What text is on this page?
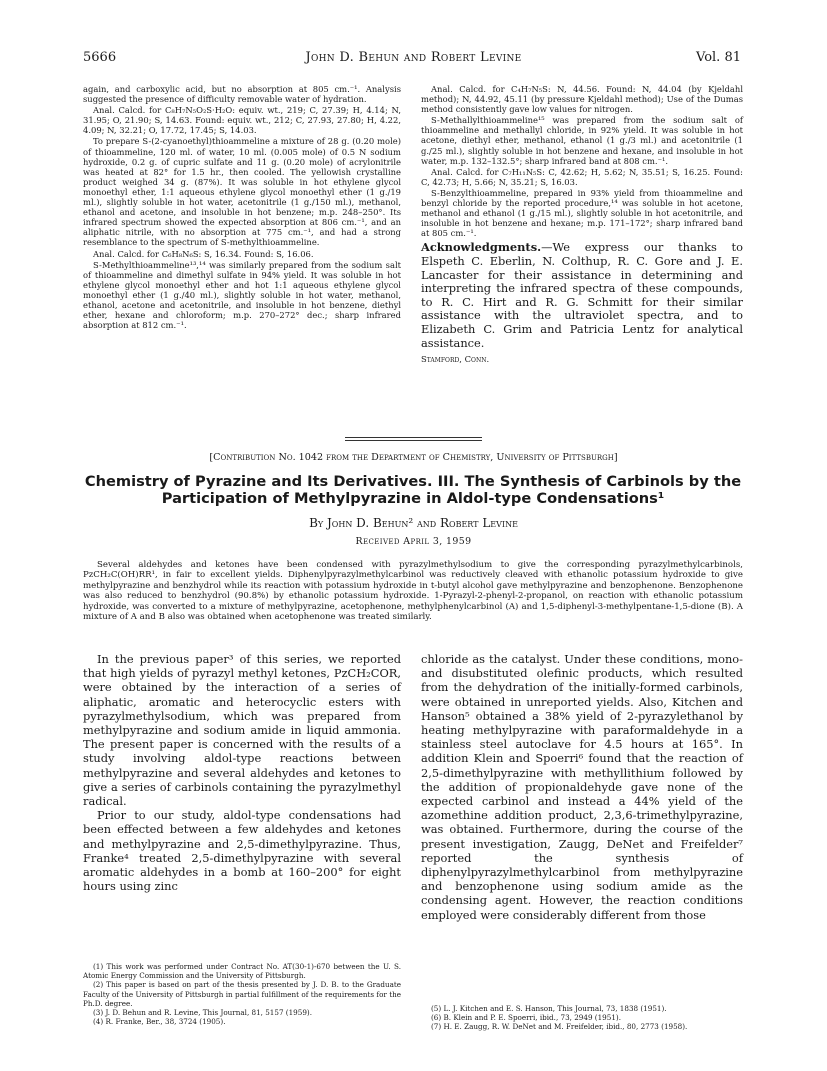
5666	John D. Behun and Robert Levine	Vol. 81

again, and carboxylic acid, but no absorption at 805 cm.⁻¹. Analysis suggested the presence of difficulty removable water of hydration.

Anal. Calcd. for C₈H₇N₅O₂S·H₂O: equiv. wt., 219; C, 27.39; H, 4.14; N, 31.95; O, 21.90; S, 14.63. Found: equiv. wt., 212; C, 27.93, 27.80; H, 4.22, 4.09; N, 32.21; O, 17.72, 17.45; S, 14.03.

To prepare S-(2-cyanoethyl)thioammeline a mixture of 28 g. (0.20 mole) of thioammeline, 120 ml. of water, 10 ml. (0.005 mole) of 0.5 N sodium hydroxide, 0.2 g. of cupric sulfate and 11 g. (0.20 mole) of acrylonitrile was heated at 82° for 1.5 hr., then cooled. The yellowish crystalline product weighed 34 g. (87%). It was soluble in hot ethylene glycol monoethyl ether, 1:1 aqueous ethylene glycol monoethyl ether (1 g./19 ml.), slightly soluble in hot water, acetonitrile (1 g./150 ml.), methanol, ethanol and acetone, and insoluble in hot benzene; m.p. 248–250°. Its infrared spectrum showed the expected absorption at 806 cm.⁻¹, and an aliphatic nitrile, with no absorption at 775 cm.⁻¹, and had a strong resemblance to the spectrum of S-methylthioammeline.

Anal. Calcd. for C₆H₈N₆S: S, 16.34. Found: S, 16.06.

S-Methylthioammeline¹³,¹⁴ was similarly prepared from the sodium salt of thioammeline and dimethyl sulfate in 94% yield. It was soluble in hot ethylene glycol monoethyl ether and hot 1:1 aqueous ethylene glycol monoethyl ether (1 g./40 ml.), slightly soluble in hot water, methanol, ethanol, acetone and acetonitrile, and insoluble in hot benzene, diethyl ether, hexane and chloroform; m.p. 270–272° dec.; sharp infrared absorption at 812 cm.⁻¹.

Anal. Calcd. for C₄H₇N₅S: N, 44.56. Found: N, 44.04 (by Kjeldahl method); N, 44.92, 45.11 (by pressure Kjeldahl method); Use of the Dumas method consistently gave low values for nitrogen.

S-Methallylthioammeline¹⁵ was prepared from the sodium salt of thioammeline and methallyl chloride, in 92% yield. It was soluble in hot acetone, diethyl ether, methanol, ethanol (1 g./3 ml.) and acetonitrile (1 g./25 ml.), slightly soluble in hot benzene and hexane, and insoluble in hot water, m.p. 132–132.5°; sharp infrared band at 808 cm.⁻¹.

Anal. Calcd. for C₇H₁₁N₅S: C, 42.62; H, 5.62; N, 35.51; S, 16.25. Found: C, 42.73; H, 5.66; N, 35.21; S, 16.03.

S-Benzylthioammeline, prepared in 93% yield from thioammeline and benzyl chloride by the reported procedure,¹⁴ was soluble in hot acetone, methanol and ethanol (1 g./15 ml.), slightly soluble in hot acetonitrile, and insoluble in hot benzene and hexane; m.p. 171–172°; sharp infrared band at 805 cm.⁻¹.

Acknowledgments.—We express our thanks to Elspeth C. Eberlin, N. Colthup, R. C. Gore and J. E. Lancaster for their assistance in determining and interpreting the infrared spectra of these compounds, to R. C. Hirt and R. G. Schmitt for their similar assistance with the ultraviolet spectra, and to Elizabeth C. Grim and Patricia Lentz for analytical assistance.
Stamford, Conn.
[Contribution No. 1042 from the Department of Chemistry, University of Pittsburgh]
Chemistry of Pyrazine and Its Derivatives. III. The Synthesis of Carbinols by the
Participation of Methylpyrazine in Aldol-type Condensations¹
By John D. Behun² and Robert Levine
Received April 3, 1959

Several aldehydes and ketones have been condensed with pyrazylmethylsodium to give the corresponding pyrazylmethylcarbinols, PzCH₂C(OH)RR¹, in fair to excellent yields. Diphenylpyrazylmethylcarbinol was reductively cleaved with ethanolic potassium hydroxide to give methylpyrazine and benzhydrol while its reaction with potassium hydroxide in t-butyl alcohol gave methylpyrazine and benzophenone. Benzophenone was also reduced to benzhydrol (90.8%) by ethanolic potassium hydroxide. 1-Pyrazyl-2-phenyl-2-propanol, on reaction with ethanolic potassium hydroxide, was converted to a mixture of methylpyrazine, acetophenone, methylphenylcarbinol (A) and 1,5-diphenyl-3-methylpentane-1,5-dione (B). A mixture of A and B also was obtained when acetophenone was treated similarly.

In the previous paper³ of this series, we reported that high yields of pyrazyl methyl ketones, PzCH₂COR, were obtained by the interaction of a series of aliphatic, aromatic and heterocyclic esters with pyrazylmethylsodium, which was prepared from methylpyrazine and sodium amide in liquid ammonia. The present paper is concerned with the results of a study involving aldol-type reactions between methylpyrazine and several aldehydes and ketones to give a series of carbinols containing the pyrazylmethyl radical.

Prior to our study, aldol-type condensations had been effected between a few aldehydes and ketones and methylpyrazine and 2,5-dimethylpyrazine. Thus, Franke⁴ treated 2,5-dimethylpyrazine with several aromatic aldehydes in a bomb at 160–200° for eight hours using zinc

chloride as the catalyst. Under these conditions, mono- and disubstituted olefinic products, which resulted from the dehydration of the initially-formed carbinols, were obtained in unreported yields. Also, Kitchen and Hanson⁵ obtained a 38% yield of 2-pyrazylethanol by heating methylpyrazine with paraformaldehyde in a stainless steel autoclave for 4.5 hours at 165°. In addition Klein and Spoerri⁶ found that the reaction of 2,5-dimethylpyrazine with methyllithium followed by the addition of propionaldehyde gave none of the expected carbinol and instead a 44% yield of the azomethine addition product, 2,3,6-trimethylpyrazine, was obtained. Furthermore, during the course of the present investigation, Zaugg, DeNet and Freifelder⁷ reported the synthesis of diphenylpyrazylmethylcarbinol from methylpyrazine and benzophenone using sodium amide as the condensing agent. However, the reaction conditions employed were considerably different from those

(1) This work was performed under Contract No. AT(30-1)-670 between the U. S. Atomic Energy Commission and the University of Pittsburgh.

(2) This paper is based on part of the thesis presented by J. D. B. to the Graduate Faculty of the University of Pittsburgh in partial fulfillment of the requirements for the Ph.D. degree.

(3) J. D. Behun and R. Levine, This Journal, 81, 5157 (1959).

(4) R. Franke, Ber., 38, 3724 (1905).

(5) L. J. Kitchen and E. S. Hanson, This Journal, 73, 1838 (1951).

(6) B. Klein and P. E. Spoerri, ibid., 73, 2949 (1951).

(7) H. E. Zaugg, R. W. DeNet and M. Freifelder, ibid., 80, 2773 (1958).
